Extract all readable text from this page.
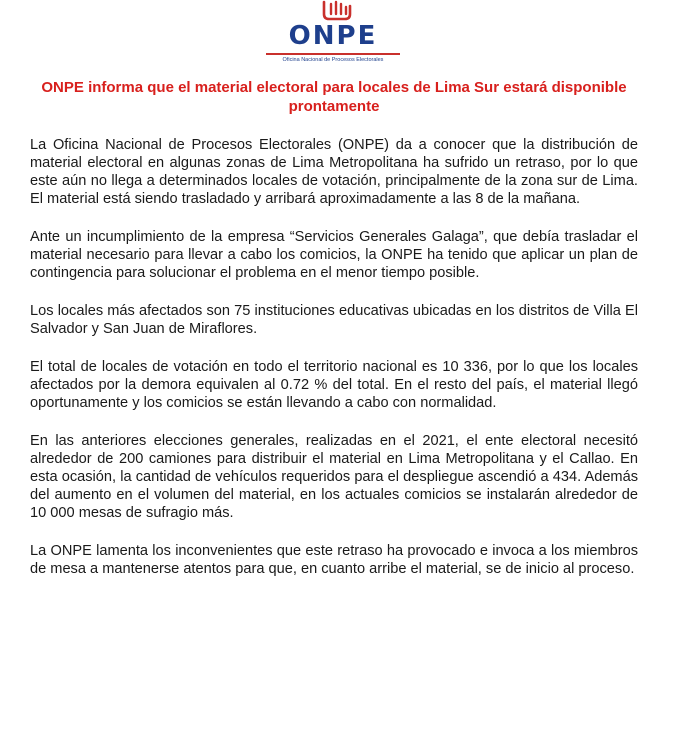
ONPE
Oficina Nacional de Procesos Electorales
ONPE informa que el material electoral para locales de Lima Sur estará disponible prontamente

La Oficina Nacional de Procesos Electorales (ONPE) da a conocer que la distribución de material electoral en algunas zonas de Lima Metropolitana ha sufrido un retraso, por lo que este aún no llega a determinados locales de votación, principalmente de la zona sur de Lima. El material está siendo trasladado y arribará aproximadamente a las 8 de la mañana.

Ante un incumplimiento de la empresa “Servicios Generales Galaga”, que debía trasladar el material necesario para llevar a cabo los comicios, la ONPE ha tenido que aplicar un plan de contingencia para solucionar el problema en el menor tiempo posible.

Los locales más afectados son 75 instituciones educativas ubicadas en los distritos de Villa El Salvador y San Juan de Miraflores.

El total de locales de votación en todo el territorio nacional es 10 336, por lo que los locales afectados por la demora equivalen al 0.72 % del total. En el resto del país, el material llegó oportunamente y los comicios se están llevando a cabo con normalidad.

En las anteriores elecciones generales, realizadas en el 2021, el ente electoral necesitó alrededor de 200 camiones para distribuir el material en Lima Metropolitana y el Callao. En esta ocasión, la cantidad de vehículos requeridos para el despliegue ascendió a 434. Además del aumento en el volumen del material, en los actuales comicios se instalarán alrededor de 10 000 mesas de sufragio más.

La ONPE lamenta los inconvenientes que este retraso ha provocado e invoca a los miembros de mesa a mantenerse atentos para que, en cuanto arribe el material, se de inicio al proceso.
